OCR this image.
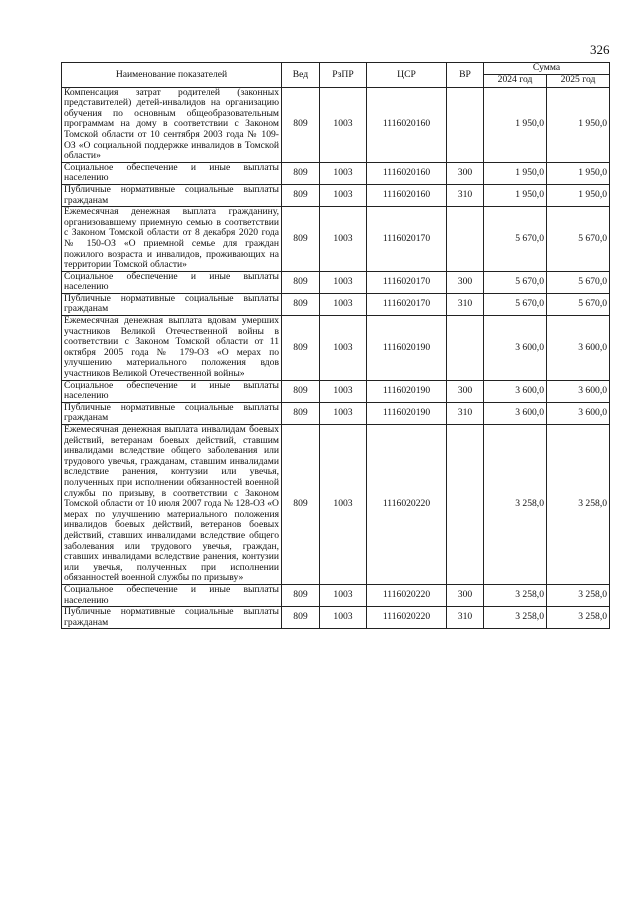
326
Наименование показателей	Вед	РзПР	ЦСР	ВР	Сумма	
					2024 год	2025 год
Компенсация затрат родителей (законных представителей) детей-инвалидов на организацию обучения по основным общеобразовательным программам на дому в соответствии с Законом Томской области от 10 сентября 2003 года № 109-ОЗ «О социальной поддержке инвалидов в Томской области»	809	1003	1116020160		1 950,0	1 950,0
Социальное обеспечение и иные выплаты населению	809	1003	1116020160	300	1 950,0	1 950,0
Публичные нормативные социальные выплаты гражданам	809	1003	1116020160	310	1 950,0	1 950,0
Ежемесячная денежная выплата гражданину, организовавшему приемную семью в соответствии с Законом Томской области от 8 декабря 2020 года № 150-ОЗ «О приемной семье для граждан пожилого возраста и инвалидов, проживающих на территории Томской области»	809	1003	1116020170		5 670,0	5 670,0
Социальное обеспечение и иные выплаты населению	809	1003	1116020170	300	5 670,0	5 670,0
Публичные нормативные социальные выплаты гражданам	809	1003	1116020170	310	5 670,0	5 670,0
Ежемесячная денежная выплата вдовам умерших участников Великой Отечественной войны в соответствии с Законом Томской области от 11 октября 2005 года № 179-ОЗ «О мерах по улучшению материального положения вдов участников Великой Отечественной войны»	809	1003	1116020190		3 600,0	3 600,0
Социальное обеспечение и иные выплаты населению	809	1003	1116020190	300	3 600,0	3 600,0
Публичные нормативные социальные выплаты гражданам	809	1003	1116020190	310	3 600,0	3 600,0
Ежемесячная денежная выплата инвалидам боевых действий, ветеранам боевых действий, ставшим инвалидами вследствие общего заболевания или трудового увечья, гражданам, ставшим инвалидами вследствие ранения, контузии или увечья, полученных при исполнении обязанностей военной службы по призыву, в соответствии с Законом Томской области от 10 июля 2007 года № 128-ОЗ «О мерах по улучшению материального положения инвалидов боевых действий, ветеранов боевых действий, ставших инвалидами вследствие общего заболевания или трудового увечья, граждан, ставших инвалидами вследствие ранения, контузии или увечья, полученных при исполнении обязанностей военной службы по призыву»	809	1003	1116020220		3 258,0	3 258,0
Социальное обеспечение и иные выплаты населению	809	1003	1116020220	300	3 258,0	3 258,0
Публичные нормативные социальные выплаты гражданам	809	1003	1116020220	310	3 258,0	3 258,0
